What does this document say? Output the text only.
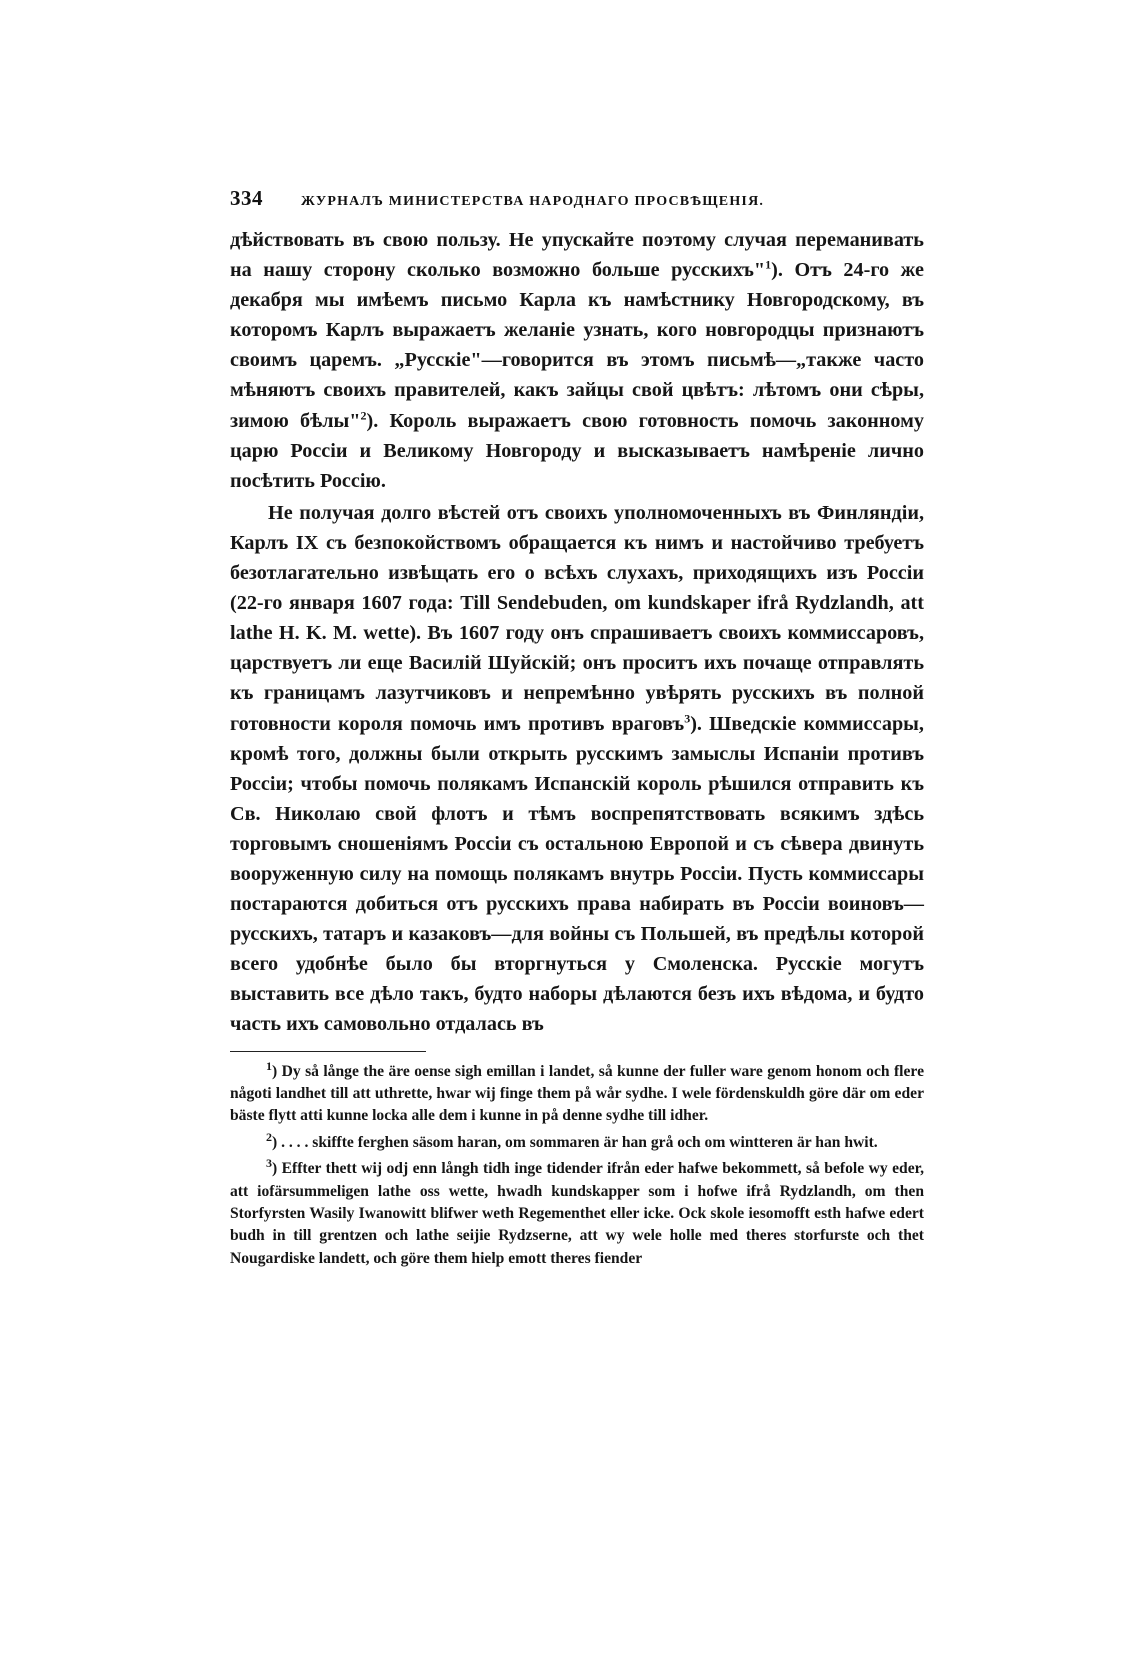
334	ЖУРНАЛЪ МИНИСТЕРСТВА НАРОДНАГО ПРОСВѢЩЕНІЯ.

дѣйствовать въ свою пользу. Не упускайте поэтому случая переманивать на нашу сторону сколько возможно больше русскихъ"$^1$). Отъ 24-го же декабря мы имѣемъ письмо Карла къ намѣстнику Новгородскому, въ которомъ Карлъ выражаетъ желаніе узнать, кого новгородцы признаютъ своимъ царемъ. „Русскіе"—говорится въ этомъ письмѣ—„также часто мѣняютъ своихъ правителей, какъ зайцы свой цвѣтъ: лѣтомъ они сѣры, зимою бѣлы"$^2$). Король выражаетъ свою готовность помочь законному царю Россіи и Великому Новгороду и высказываетъ намѣреніе лично посѣтить Россію.

Не получая долго вѣстей отъ своихъ уполномоченныхъ въ Финляндіи, Карлъ IX съ безпокойствомъ обращается къ нимъ и настойчиво требуетъ безотлагательно извѣщать его о всѣхъ слухахъ, приходящихъ изъ Россіи (22-го января 1607 года: Till Sendebuden, om kundskaper ifrå Rydzlandh, att lathe H. K. M. wette). Въ 1607 году онъ спрашиваетъ своихъ коммиссаровъ, царствуетъ ли еще Василій Шуйскій; онъ проситъ ихъ почаще отправлять къ границамъ лазутчиковъ и непремѣнно увѣрять русскихъ въ полной готовности короля помочь имъ противъ враговъ$^3$). Шведскіе коммиссары, кромѣ того, должны были открыть русскимъ замыслы Испаніи противъ Россіи; чтобы помочь полякамъ Испанскій король рѣшился отправить къ Св. Николаю свой флотъ и тѣмъ воспрепятствовать всякимъ здѣсь торговымъ сношеніямъ Россіи съ остальною Европой и съ сѣвера двинуть вооруженную силу на помощь полякамъ внутрь Россіи. Пусть коммиссары постараются добиться отъ русскихъ права набирать въ Россіи воиновъ—русскихъ, татаръ и казаковъ—для войны съ Польшей, въ предѣлы которой всего удобнѣе было бы вторгнуться у Смоленска. Русскіе могутъ выставить все дѣло такъ, будто наборы дѣлаются безъ ихъ вѣдома, и будто часть ихъ самовольно отдалась въ

$^1$) Dy så långe the äre oense sigh emillan i landet, så kunne der fuller ware genom honom och flere någoti landhet till att uthrette, hwar wij finge them på wår sydhe. I wele fördenskuldh göre där om eder bäste flytt atti kunne locka alle dem i kunne in på denne sydhe till idher.

$^2$) . . . . skiffte ferghen säsom haran, om sommaren är han grå och om wintteren är han hwit.

$^3$) Effter thett wij odj enn långh tidh inge tidender ifrån eder hafwe bekommett, så befole wy eder, att iofärsummeligen lathe oss wette, hwadh kundskapper som i hofwe ifrå Rydzlandh, om then Storfyrsten Wasily Iwanowitt blifwer weth Regementhet eller icke. Ock skole iesomofft esth hafwe edert budh in till grentzen och lathe seijie Rydzserne, att wy wele holle med theres storfurste och thet Nougardiske landett, och göre them hielp emott theres fiender
